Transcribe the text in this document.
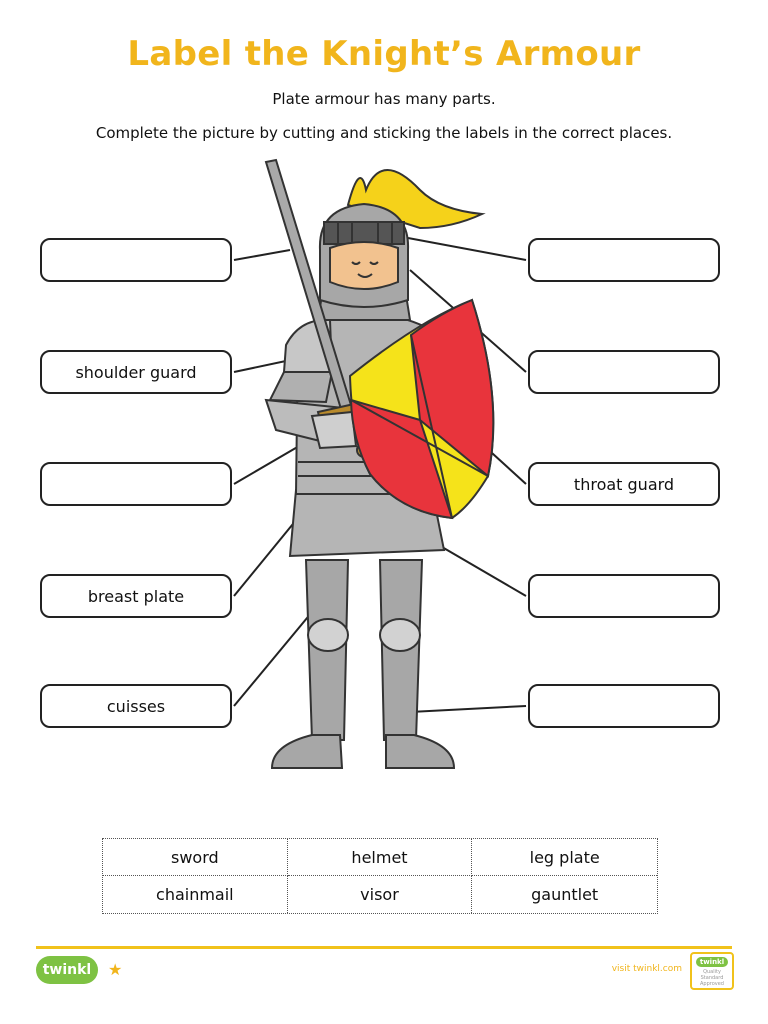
Label the Knight’s Armour
Plate armour has many parts.
Complete the picture by cutting and sticking the labels in the correct places.
shoulder guard
breast plate
cuisses
throat guard
sword	helmet	leg plate
chainmail	visor	gauntlet
twinkl	★	visit twinkl.com
twinkl
Quality Standard Approved
